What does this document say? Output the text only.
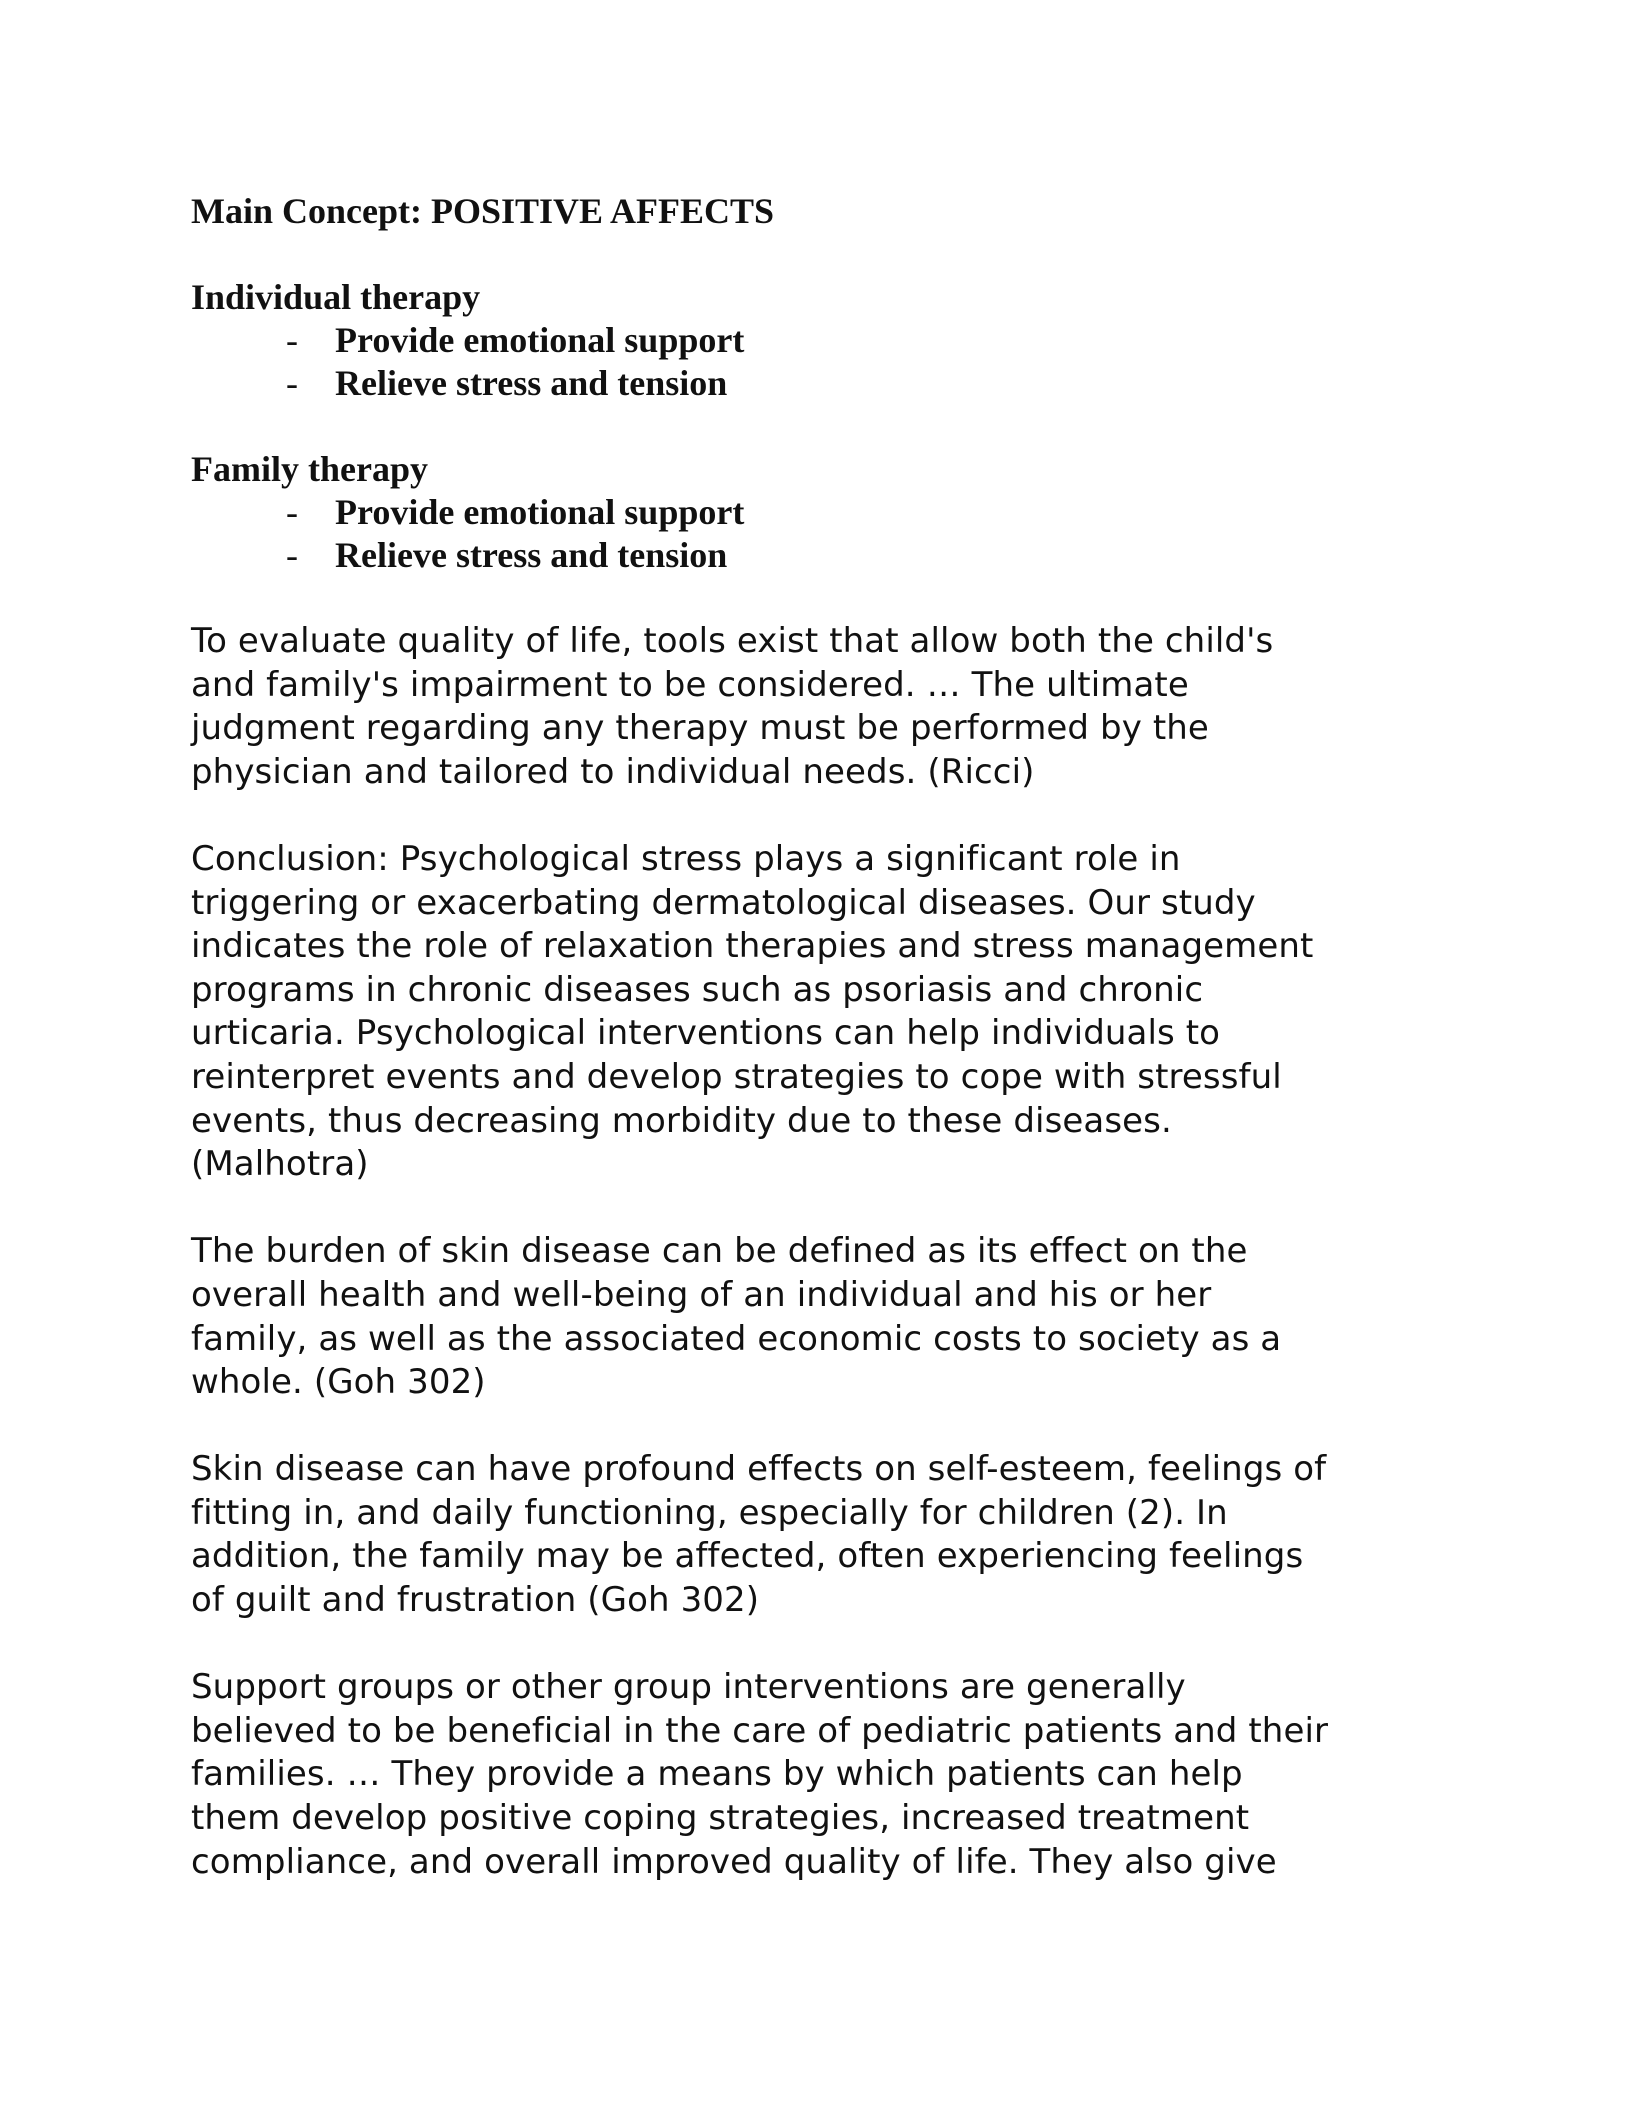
Main Concept: POSITIVE AFFECTS

Individual therapy

- Provide emotional support
- Relieve stress and tension

Family therapy

- Provide emotional support
- Relieve stress and tension

To evaluate quality of life, tools exist that allow both the child's
and family's impairment to be considered. … The ultimate
judgment regarding any therapy must be performed by the
physician and tailored to individual needs. (Ricci)

Conclusion: Psychological stress plays a significant role in
triggering or exacerbating dermatological diseases. Our study
indicates the role of relaxation therapies and stress management
programs in chronic diseases such as psoriasis and chronic
urticaria. Psychological interventions can help individuals to
reinterpret events and develop strategies to cope with stressful
events, thus decreasing morbidity due to these diseases.
(Malhotra)

The burden of skin disease can be defined as its effect on the
overall health and well-being of an individual and his or her
family, as well as the associated economic costs to society as a
whole. (Goh 302)

Skin disease can have profound effects on self-esteem, feelings of
fitting in, and daily functioning, especially for children (2). In
addition, the family may be affected, often experiencing feelings
of guilt and frustration (Goh 302)

Support groups or other group interventions are generally
believed to be beneficial in the care of pediatric patients and their
families. … They provide a means by which patients can help
them develop positive coping strategies, increased treatment
compliance, and overall improved quality of life. They also give
